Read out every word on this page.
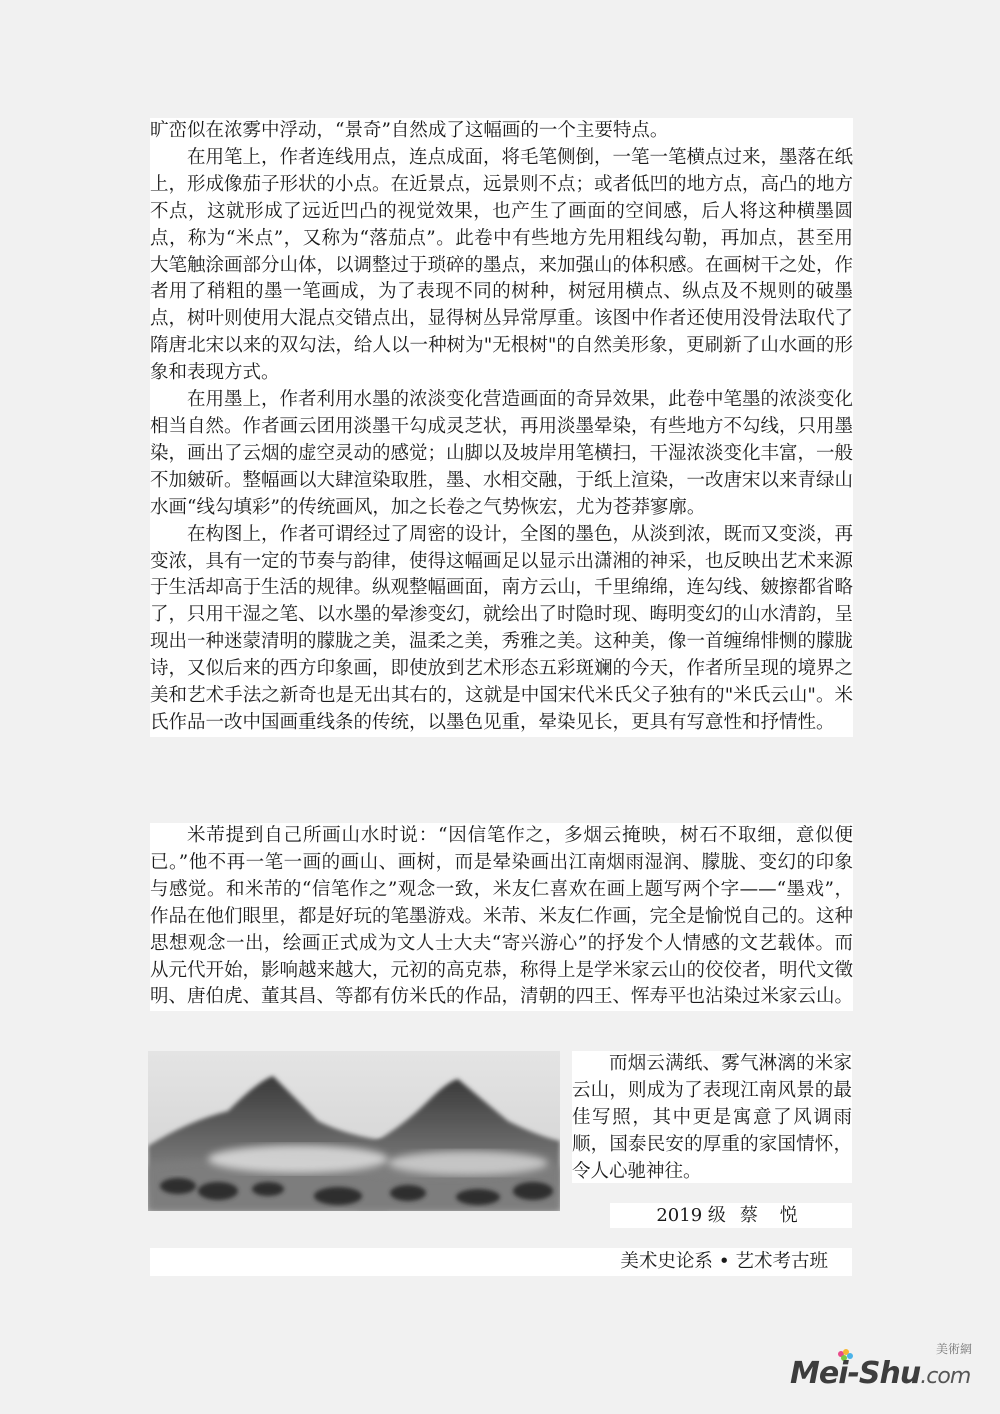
旷峦似在浓雾中浮动，“景奇”自然成了这幅画的一个主要特点。

在用笔上，作者连线用点，连点成面，将毛笔侧倒，一笔一笔横点过来，墨落在纸上，形成像茄子形状的小点。在近景点，远景则不点；或者低凹的地方点，高凸的地方不点，这就形成了远近凹凸的视觉效果，也产生了画面的空间感，后人将这种横墨圆点，称为“米点”，又称为“落茄点”。此卷中有些地方先用粗线勾勒，再加点，甚至用大笔触涂画部分山体，以调整过于琐碎的墨点，来加强山的体积感。在画树干之处，作者用了稍粗的墨一笔画成，为了表现不同的树种，树冠用横点、纵点及不规则的破墨点，树叶则使用大混点交错点出，显得树丛异常厚重。该图中作者还使用没骨法取代了隋唐北宋以来的双勾法，给人以一种树为"无根树"的自然美形象，更刷新了山水画的形象和表现方式。

在用墨上，作者利用水墨的浓淡变化营造画面的奇异效果，此卷中笔墨的浓淡变化相当自然。作者画云团用淡墨干勾成灵芝状，再用淡墨晕染，有些地方不勾线，只用墨染，画出了云烟的虚空灵动的感觉；山脚以及坡岸用笔横扫，干湿浓淡变化丰富，一般不加皴斫。整幅画以大肆渲染取胜，墨、水相交融，于纸上渲染，一改唐宋以来青绿山水画“线勾填彩”的传统画风，加之长卷之气势恢宏，尤为苍莽寥廓。

在构图上，作者可谓经过了周密的设计，全图的墨色，从淡到浓，既而又变淡，再变浓，具有一定的节奏与韵律，使得这幅画足以显示出潇湘的神采，也反映出艺术来源于生活却高于生活的规律。纵观整幅画面，南方云山，千里绵绵，连勾线、皴擦都省略了，只用干湿之笔、以水墨的晕渗变幻，就绘出了时隐时现、晦明变幻的山水清韵，呈现出一种迷蒙清明的朦胧之美，温柔之美，秀雅之美。这种美，像一首缠绵悱恻的朦胧诗，又似后来的西方印象画，即使放到艺术形态五彩斑斓的今天，作者所呈现的境界之美和艺术手法之新奇也是无出其右的，这就是中国宋代米氏父子独有的"米氏云山"。米氏作品一改中国画重线条的传统，以墨色见重，晕染见长，更具有写意性和抒情性。

米芾提到自己所画山水时说：“因信笔作之，多烟云掩映，树石不取细，意似便已。”他不再一笔一画的画山、画树，而是晕染画出江南烟雨湿润、朦胧、变幻的印象与感觉。和米芾的“信笔作之”观念一致，米友仁喜欢在画上题写两个字——“墨戏”，作品在他们眼里，都是好玩的笔墨游戏。米芾、米友仁作画，完全是愉悦自己的。这种思想观念一出，绘画正式成为文人士大夫“寄兴游心”的抒发个人情感的文艺载体。而从元代开始，影响越来越大，元初的高克恭，称得上是学米家云山的佼佼者，明代文徵明、唐伯虎、董其昌、等都有仿米氏的作品，清朝的四王、恽寿平也沾染过米家云山。

而烟云满纸、雾气淋漓的米家云山，则成为了表现江南风景的最佳写照，其中更是寓意了风调雨顺，国泰民安的厚重的家国情怀，令人心驰神往。

2019 级 蔡 悦
美术史论系 • 艺术考古班
美術網
Mei-Shu.com
